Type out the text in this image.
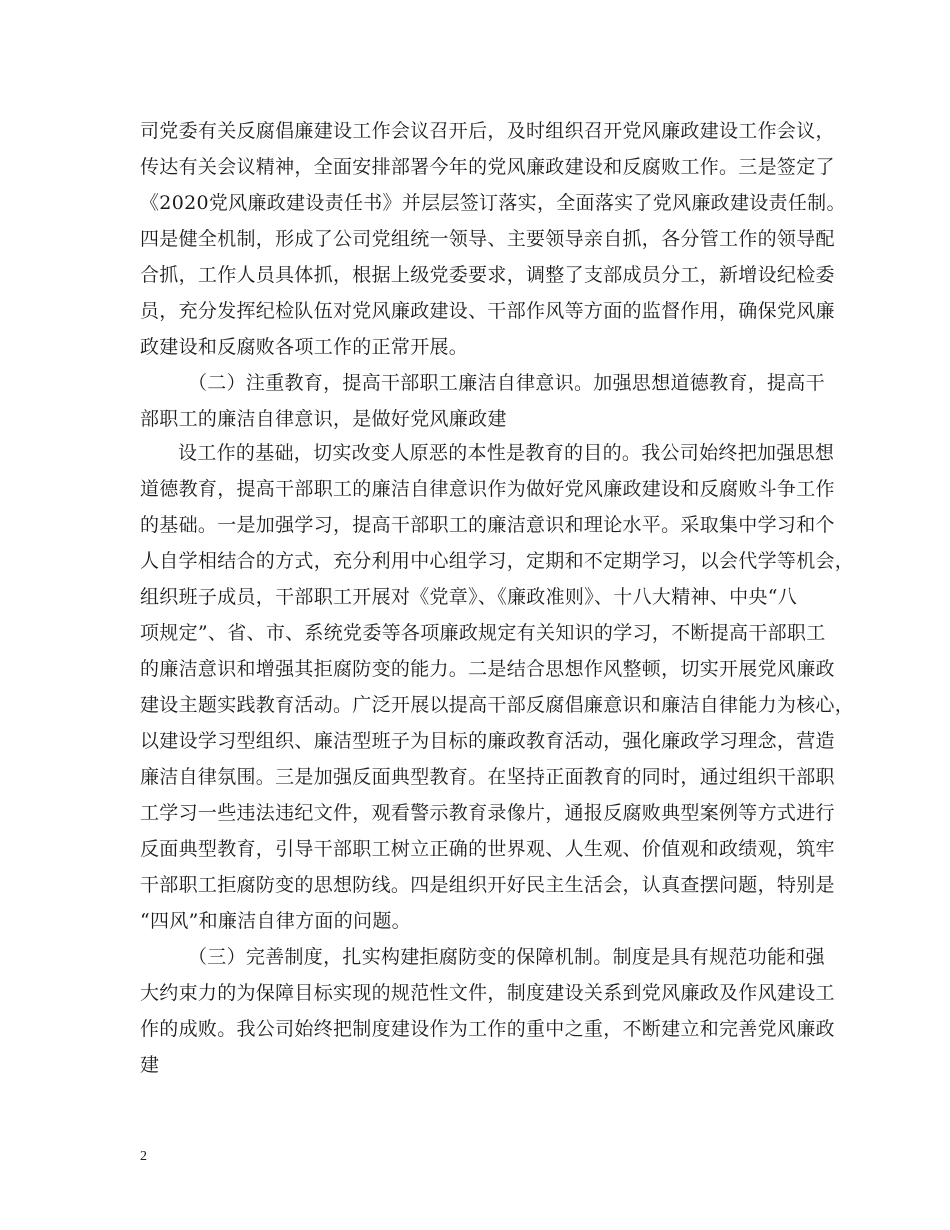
司党委有关反腐倡廉建设工作会议召开后，及时组织召开党风廉政建设工作会议，
传达有关会议精神，全面安排部署今年的党风廉政建设和反腐败工作。三是签定了
《2020党风廉政建设责任书》并层层签订落实，全面落实了党风廉政建设责任制。
四是健全机制，形成了公司党组统一领导、主要领导亲自抓，各分管工作的领导配
合抓，工作人员具体抓，根据上级党委要求，调整了支部成员分工，新增设纪检委
员，充分发挥纪检队伍对党风廉政建设、干部作风等方面的监督作用，确保党风廉
政建设和反腐败各项工作的正常开展。
（二）注重教育，提高干部职工廉洁自律意识。加强思想道德教育，提高干
部职工的廉洁自律意识，是做好党风廉政建
设工作的基础，切实改变人原恶的本性是教育的目的。我公司始终把加强思想
道德教育，提高干部职工的廉洁自律意识作为做好党风廉政建设和反腐败斗争工作
的基础。一是加强学习，提高干部职工的廉洁意识和理论水平。采取集中学习和个
人自学相结合的方式，充分利用中心组学习，定期和不定期学习，以会代学等机会，
组织班子成员，干部职工开展对《党章》、《廉政准则》、十八大精神、中央“八
项规定”、省、市、系统党委等各项廉政规定有关知识的学习，不断提高干部职工
的廉洁意识和增强其拒腐防变的能力。二是结合思想作风整顿，切实开展党风廉政
建设主题实践教育活动。广泛开展以提高干部反腐倡廉意识和廉洁自律能力为核心，
以建设学习型组织、廉洁型班子为目标的廉政教育活动，强化廉政学习理念，营造
廉洁自律氛围。三是加强反面典型教育。在坚持正面教育的同时，通过组织干部职
工学习一些违法违纪文件，观看警示教育录像片，通报反腐败典型案例等方式进行
反面典型教育，引导干部职工树立正确的世界观、人生观、价值观和政绩观，筑牢
干部职工拒腐防变的思想防线。四是组织开好民主生活会，认真查摆问题，特别是
“四风”和廉洁自律方面的问题。
（三）完善制度，扎实构建拒腐防变的保障机制。制度是具有规范功能和强
大约束力的为保障目标实现的规范性文件，制度建设关系到党风廉政及作风建设工
作的成败。我公司始终把制度建设作为工作的重中之重，不断建立和完善党风廉政
建
2
